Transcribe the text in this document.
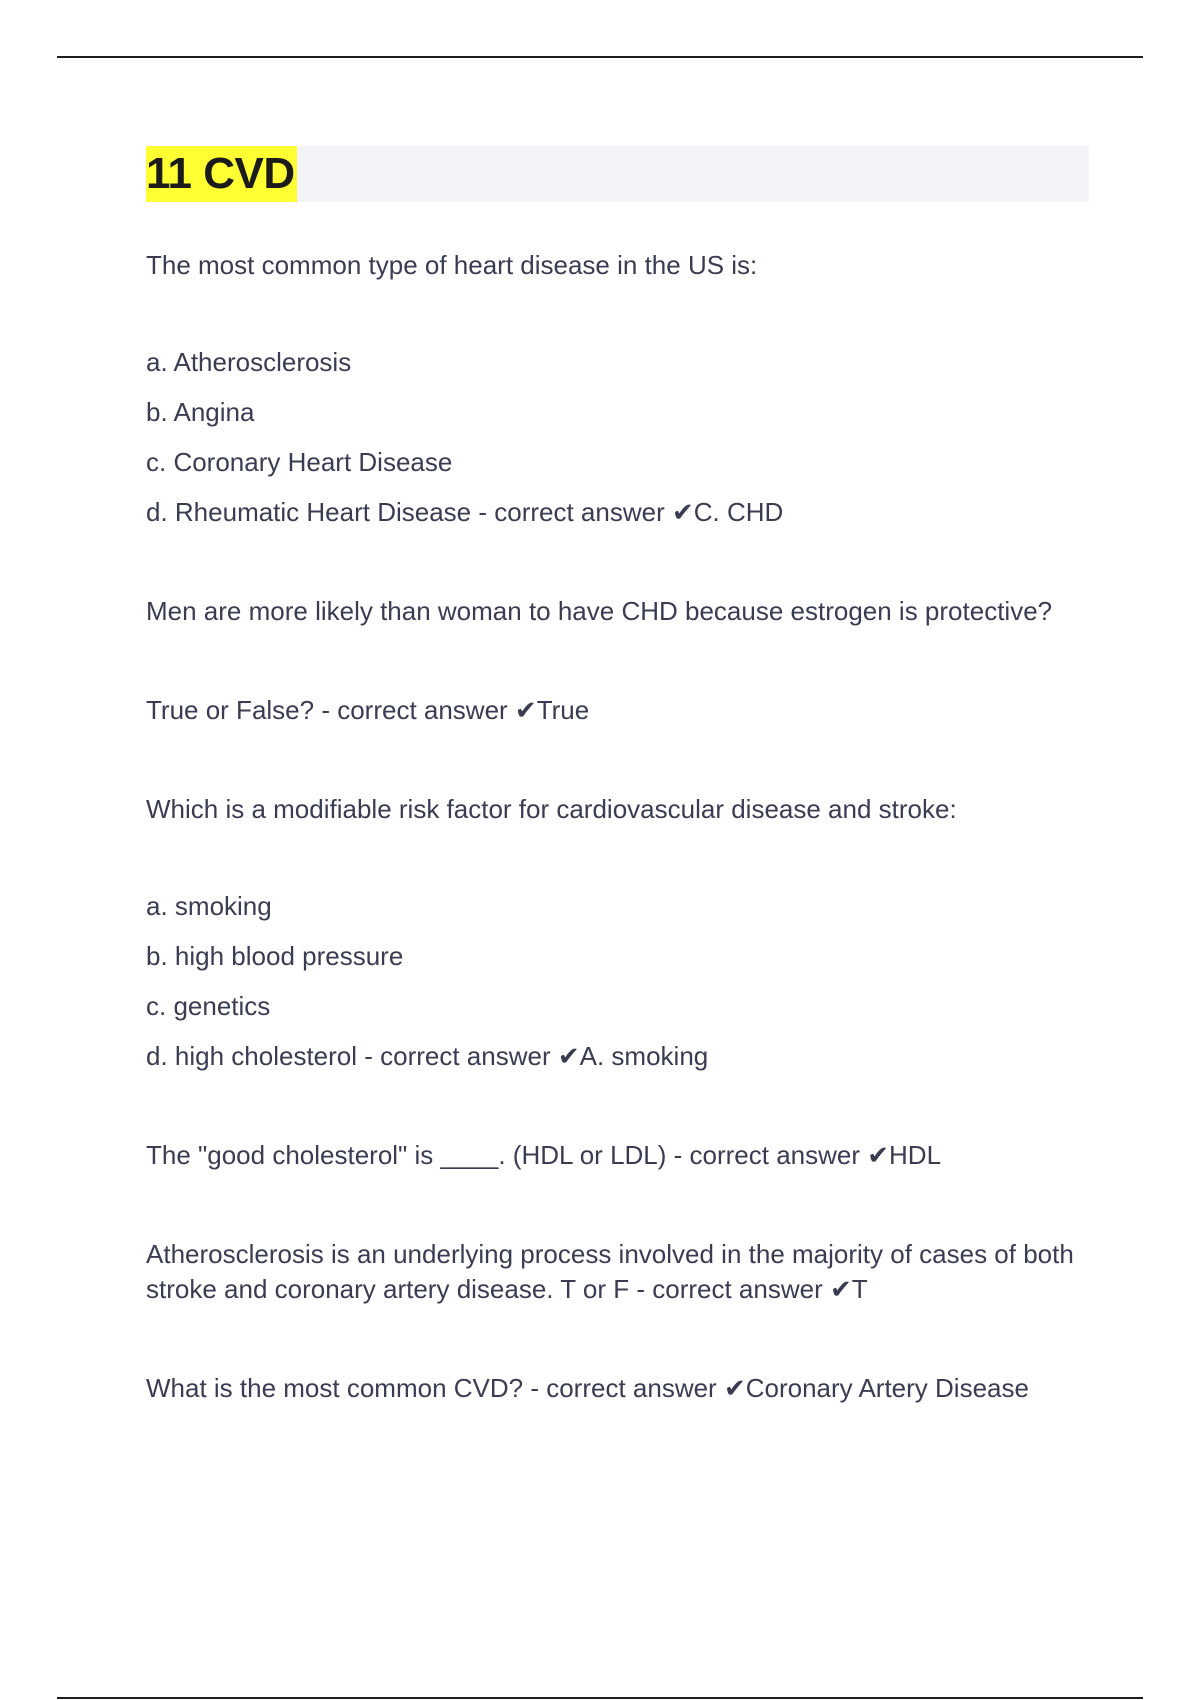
11 CVD

The most common type of heart disease in the US is:

a. Atherosclerosis
b. Angina
c. Coronary Heart Disease
d. Rheumatic Heart Disease - correct answer ✔C. CHD

Men are more likely than woman to have CHD because estrogen is protective?

True or False? - correct answer ✔True

Which is a modifiable risk factor for cardiovascular disease and stroke:

a. smoking
b. high blood pressure
c. genetics
d. high cholesterol - correct answer ✔A. smoking

The "good cholesterol" is ____. (HDL or LDL) - correct answer ✔HDL

Atherosclerosis is an underlying process involved in the majority of cases of both stroke and coronary artery disease. T or F - correct answer ✔T

What is the most common CVD? - correct answer ✔Coronary Artery Disease
